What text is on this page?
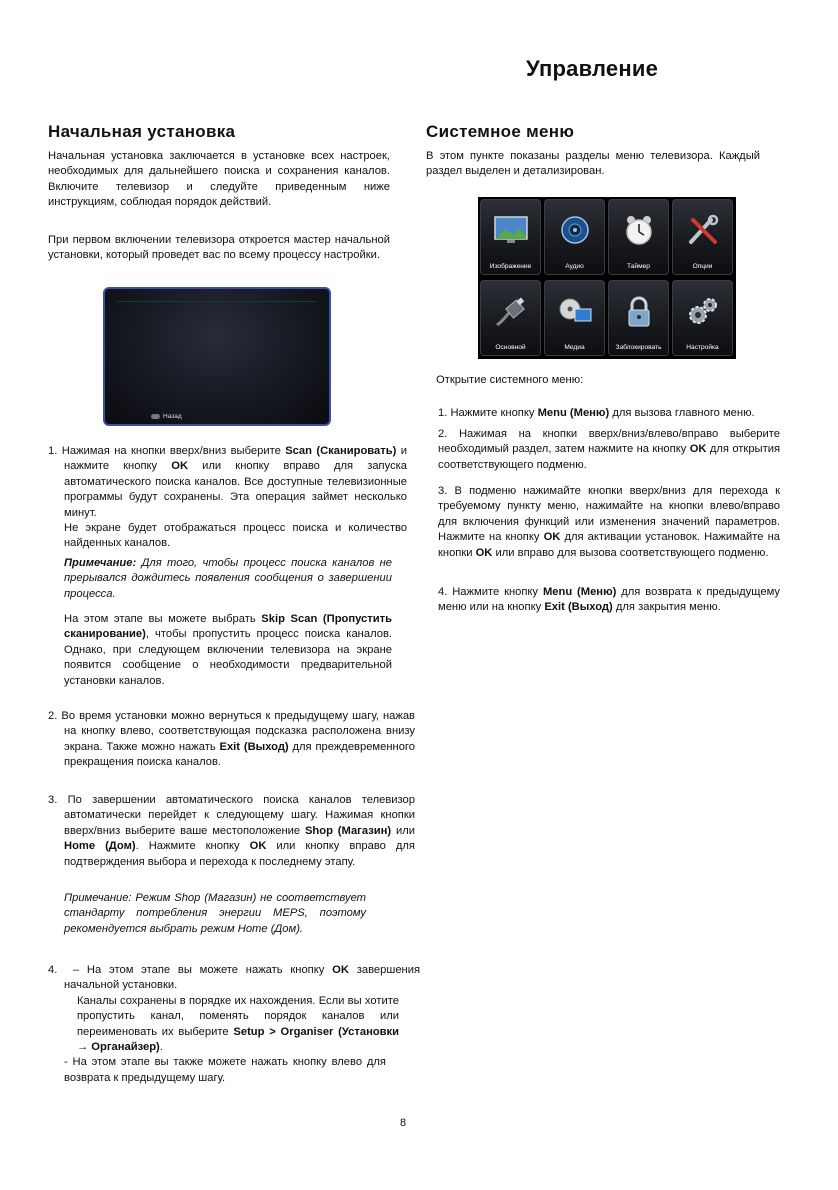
Управление
Начальная установка
Начальная установка заключается в установке всех настроек, необходимых для дальнейшего поиска и сохранения каналов. Включите телевизор и следуйте приведенным ниже инструкциям, соблюдая порядок действий.
При первом включении телевизора откроется мастер начальной установки, который проведет вас по всему процессу настройки.
Назад
1. Нажимая на кнопки вверх/вниз выберите Scan (Сканировать) и нажмите кнопку OK или кнопку вправо для запуска автоматического поиска каналов. Все доступные телевизионные программы будут сохранены. Эта операция займет несколько минут.
Не экране будет отображаться процесс поиска и количество найденных каналов.
Примечание: Для того, чтобы процесс поиска каналов не прерывался дождитесь появления сообщения о завершении процесса.
На этом этапе вы можете выбрать Skip Scan (Пропустить сканирование), чтобы пропустить процесс поиска каналов. Однако, при следующем включении телевизора на экране появится сообщение о необходимости предварительной установки каналов.
2. Во время установки можно вернуться к предыдущему шагу, нажав на кнопку влево, соответствующая подсказка расположена внизу экрана. Также можно нажать Exit (Выход) для преждевременного прекращения поиска каналов.
3. По завершении автоматического поиска каналов телевизор автоматически перейдет к следующему шагу. Нажимая кнопки вверх/вниз выберите ваше местоположение Shop (Магазин) или Home (Дом). Нажмите кнопку OK или кнопку вправо для подтверждения выбора и перехода к последнему этапу.
Примечание: Режим Shop (Магазин) не соответствует стандарту потребления энергии MEPS, поэтому рекомендуется выбрать режим Home (Дом).
4. – На этом этапе вы можете нажать кнопку OK завершения начальной установки.
Каналы сохранены в порядке их нахождения. Если вы хотите пропустить канал, поменять порядок каналов или переименовать их выберите Setup > Organiser (Установки → Органайзер).
- На этом этапе вы также можете нажать кнопку влево для возврата к предыдущему шагу.
Системное меню
В этом пункте показаны разделы меню телевизора. Каждый раздел выделен и детализирован.
Изображение	Аудио	Таймер	Опции
Основной	Медиа	Заблокировать	Настройка
Открытие системного меню:
1. Нажмите кнопку Menu (Меню) для вызова главного меню.
2. Нажимая на кнопки вверх/вниз/влево/вправо выберите необходимый раздел, затем нажмите на кнопку OK для открытия соответствующего подменю.
3. В подменю нажимайте кнопки вверх/вниз для перехода к требуемому пункту меню, нажимайте на кнопки влево/вправо для включения функций или изменения значений параметров. Нажмите на кнопку OK для активации установок. Нажимайте на кнопки OK или вправо для вызова соответствующего подменю.
4. Нажмите кнопку Menu (Меню) для возврата к предыдущему меню или на кнопку Exit (Выход) для закрытия меню.
8
